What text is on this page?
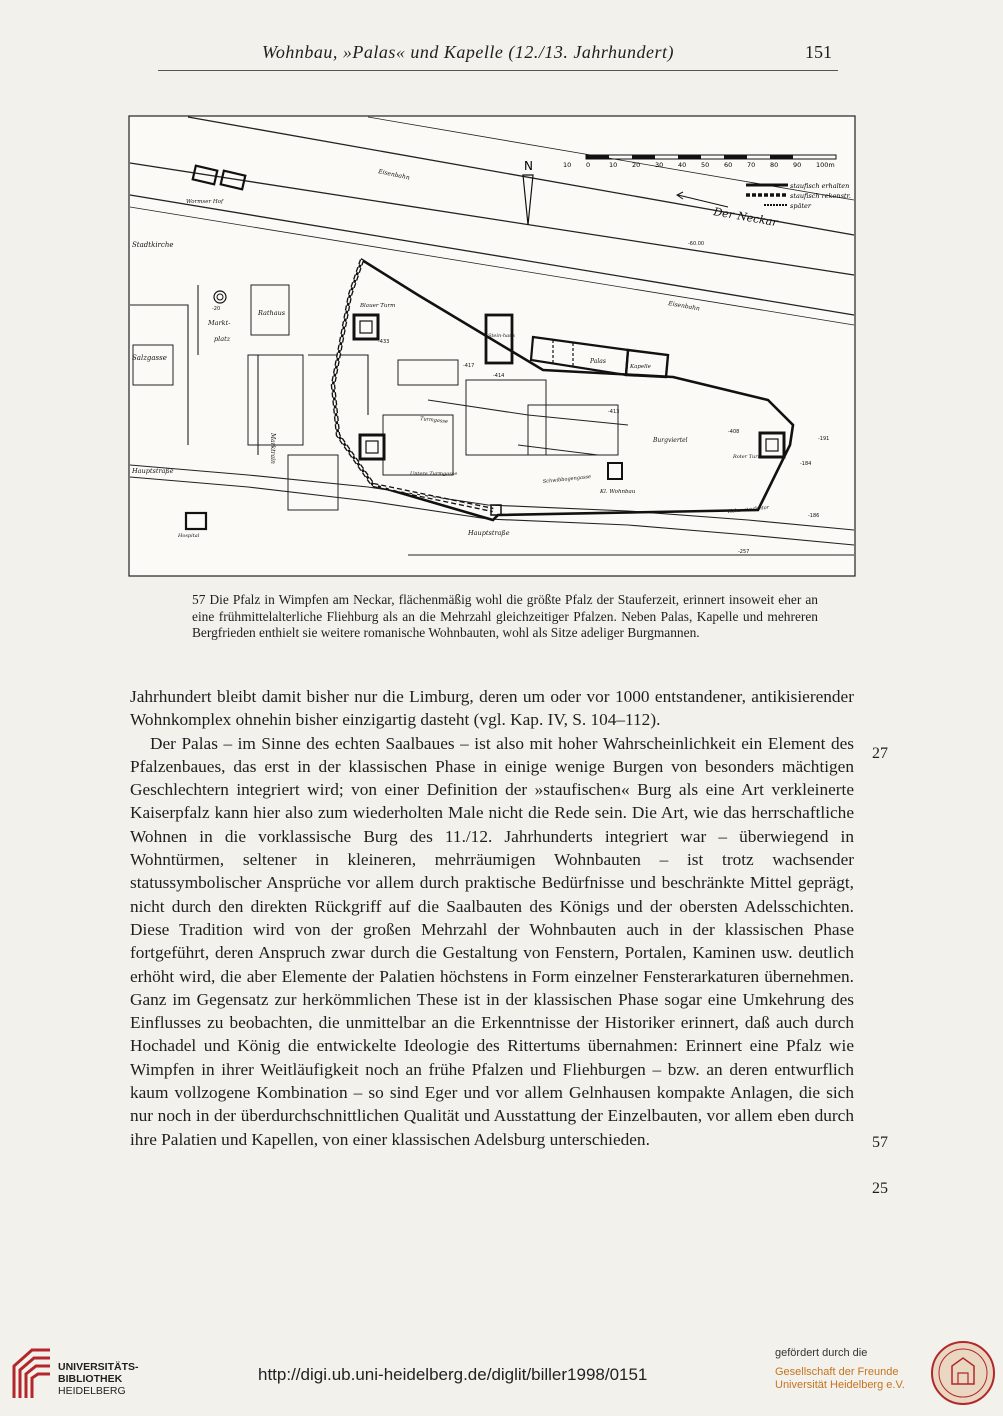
Wohnbau, »Palas« und Kapelle (12./13. Jahrhundert)	151
N	10 0	10 20 30 40 50 60 70 80 90 100m
staufisch erhalten
staufisch rekonstr.
später
Der Neckar
Eisenbahn
Eisenbahn
Wormser Hof
Stadtkirche
Rathaus
Markt-
platz
Salzgasse
Blauer Turm
Stein-haus
Palas
Kapelle
Burgviertel
Roter Turm
Turmgasse
Untere Turmgasse	Schwibbogengasse
Kl. Wohnbau
Marktrain
Hauptstraße
Hauptstraße
Hospital
Hohenstaufentor
-60.00
-20
-433
-417
-414
-413
-408
-191
-184
-186
-257
57 Die Pfalz in Wimpfen am Neckar, flächenmäßig wohl die größte Pfalz der Stauferzeit, erinnert insoweit eher an eine frühmittelalterliche Fliehburg als an die Mehrzahl gleichzeitiger Pfalzen. Neben Palas, Kapelle und mehreren Bergfrieden enthielt sie weitere romanische Wohnbauten, wohl als Sitze adeliger Burgmannen.

Jahrhundert bleibt damit bisher nur die Limburg, deren um oder vor 1000 entstandener, antikisierender Wohnkomplex ohnehin bisher einzigartig dasteht (vgl. Kap. IV, S. 104–112).

Der Palas – im Sinne des echten Saalbaues – ist also mit hoher Wahrscheinlichkeit ein Element des Pfalzenbaues, das erst in der klassischen Phase in einige wenige Burgen von besonders mächtigen Geschlechtern integriert wird; von einer Definition der »staufischen« Burg als eine Art verkleinerte Kaiserpfalz kann hier also zum wiederholten Male nicht die Rede sein. Die Art, wie das herrschaftliche Wohnen in die vorklassische Burg des 11./12. Jahrhunderts integriert war – überwiegend in Wohntürmen, seltener in kleineren, mehrräumigen Wohnbauten – ist trotz wachsender statussymbolischer Ansprüche vor allem durch praktische Bedürfnisse und beschränkte Mittel geprägt, nicht durch den direkten Rückgriff auf die Saalbauten des Königs und der obersten Adelsschichten. Diese Tradition wird von der großen Mehrzahl der Wohnbauten auch in der klassischen Phase fortgeführt, deren Anspruch zwar durch die Gestaltung von Fenstern, Portalen, Kaminen usw. deutlich erhöht wird, die aber Elemente der Palatien höchstens in Form einzelner Fensterarkaturen übernehmen. Ganz im Gegensatz zur herkömmlichen These ist in der klassischen Phase sogar eine Umkehrung des Einflusses zu beobachten, die unmittelbar an die Erkenntnisse der Historiker erinnert, daß auch durch Hochadel und König die entwickelte Ideologie des Rittertums übernahmen: Erinnert eine Pfalz wie Wimpfen in ihrer Weitläufigkeit noch an frühe Pfalzen und Fliehburgen – bzw. an deren entwurflich kaum vollzogene Kombination – so sind Eger und vor allem Gelnhausen kompakte Anlagen, die sich nur noch in der überdurchschnittlichen Qualität und Ausstattung der Einzelbauten, vor allem eben durch ihre Palatien und Kapellen, von einer klassischen Adelsburg unterschieden.

27
57
25
UNIVERSITÄTS-
BIBLIOTHEK
HEIDELBERG
http://digi.ub.uni-heidelberg.de/diglit/biller1998/0151
gefördert durch die
Gesellschaft der Freunde
Universität Heidelberg e.V.
